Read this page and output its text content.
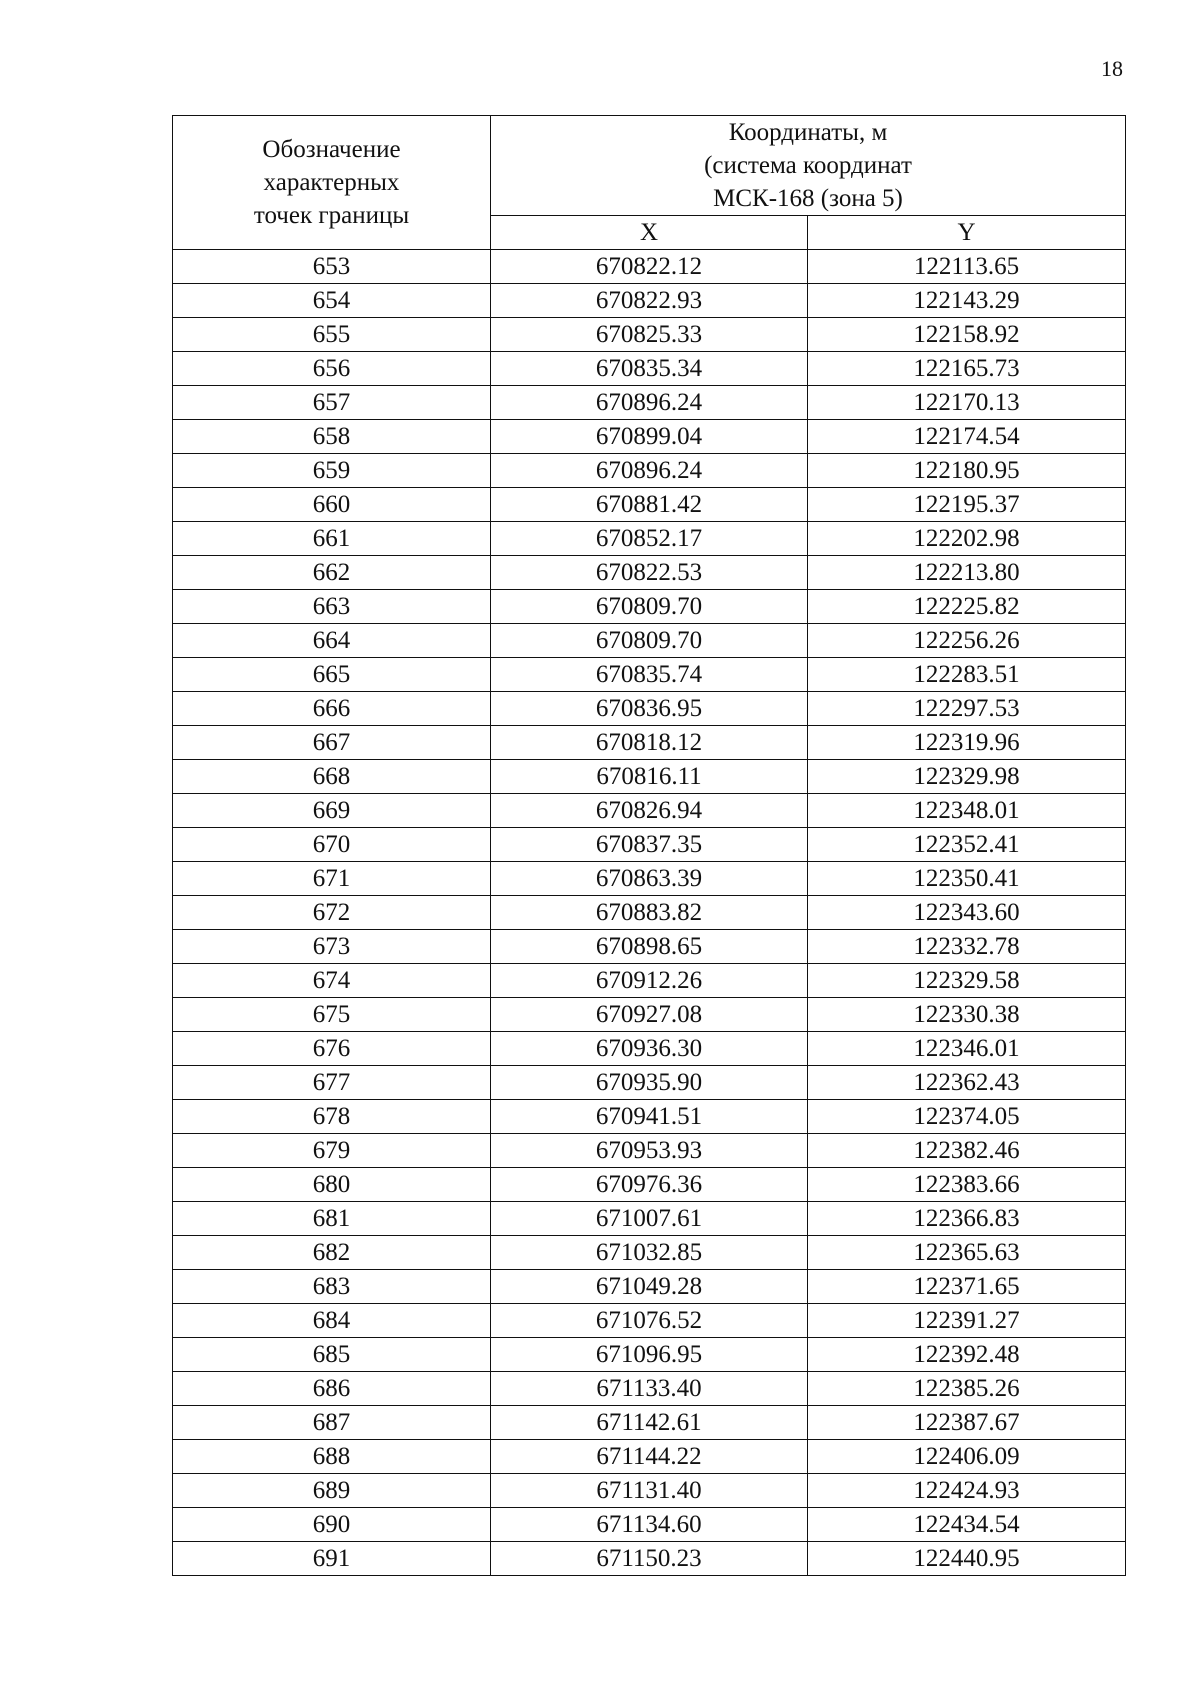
18
Обозначение
характерных
точек границы	Координаты, м
(система координат
МСК-168 (зона 5)	

	X	Y
653	670822.12	122113.65
654	670822.93	122143.29
655	670825.33	122158.92
656	670835.34	122165.73
657	670896.24	122170.13
658	670899.04	122174.54
659	670896.24	122180.95
660	670881.42	122195.37
661	670852.17	122202.98
662	670822.53	122213.80
663	670809.70	122225.82
664	670809.70	122256.26
665	670835.74	122283.51
666	670836.95	122297.53
667	670818.12	122319.96
668	670816.11	122329.98
669	670826.94	122348.01
670	670837.35	122352.41
671	670863.39	122350.41
672	670883.82	122343.60
673	670898.65	122332.78
674	670912.26	122329.58
675	670927.08	122330.38
676	670936.30	122346.01
677	670935.90	122362.43
678	670941.51	122374.05
679	670953.93	122382.46
680	670976.36	122383.66
681	671007.61	122366.83
682	671032.85	122365.63
683	671049.28	122371.65
684	671076.52	122391.27
685	671096.95	122392.48
686	671133.40	122385.26
687	671142.61	122387.67
688	671144.22	122406.09
689	671131.40	122424.93
690	671134.60	122434.54
691	671150.23	122440.95
